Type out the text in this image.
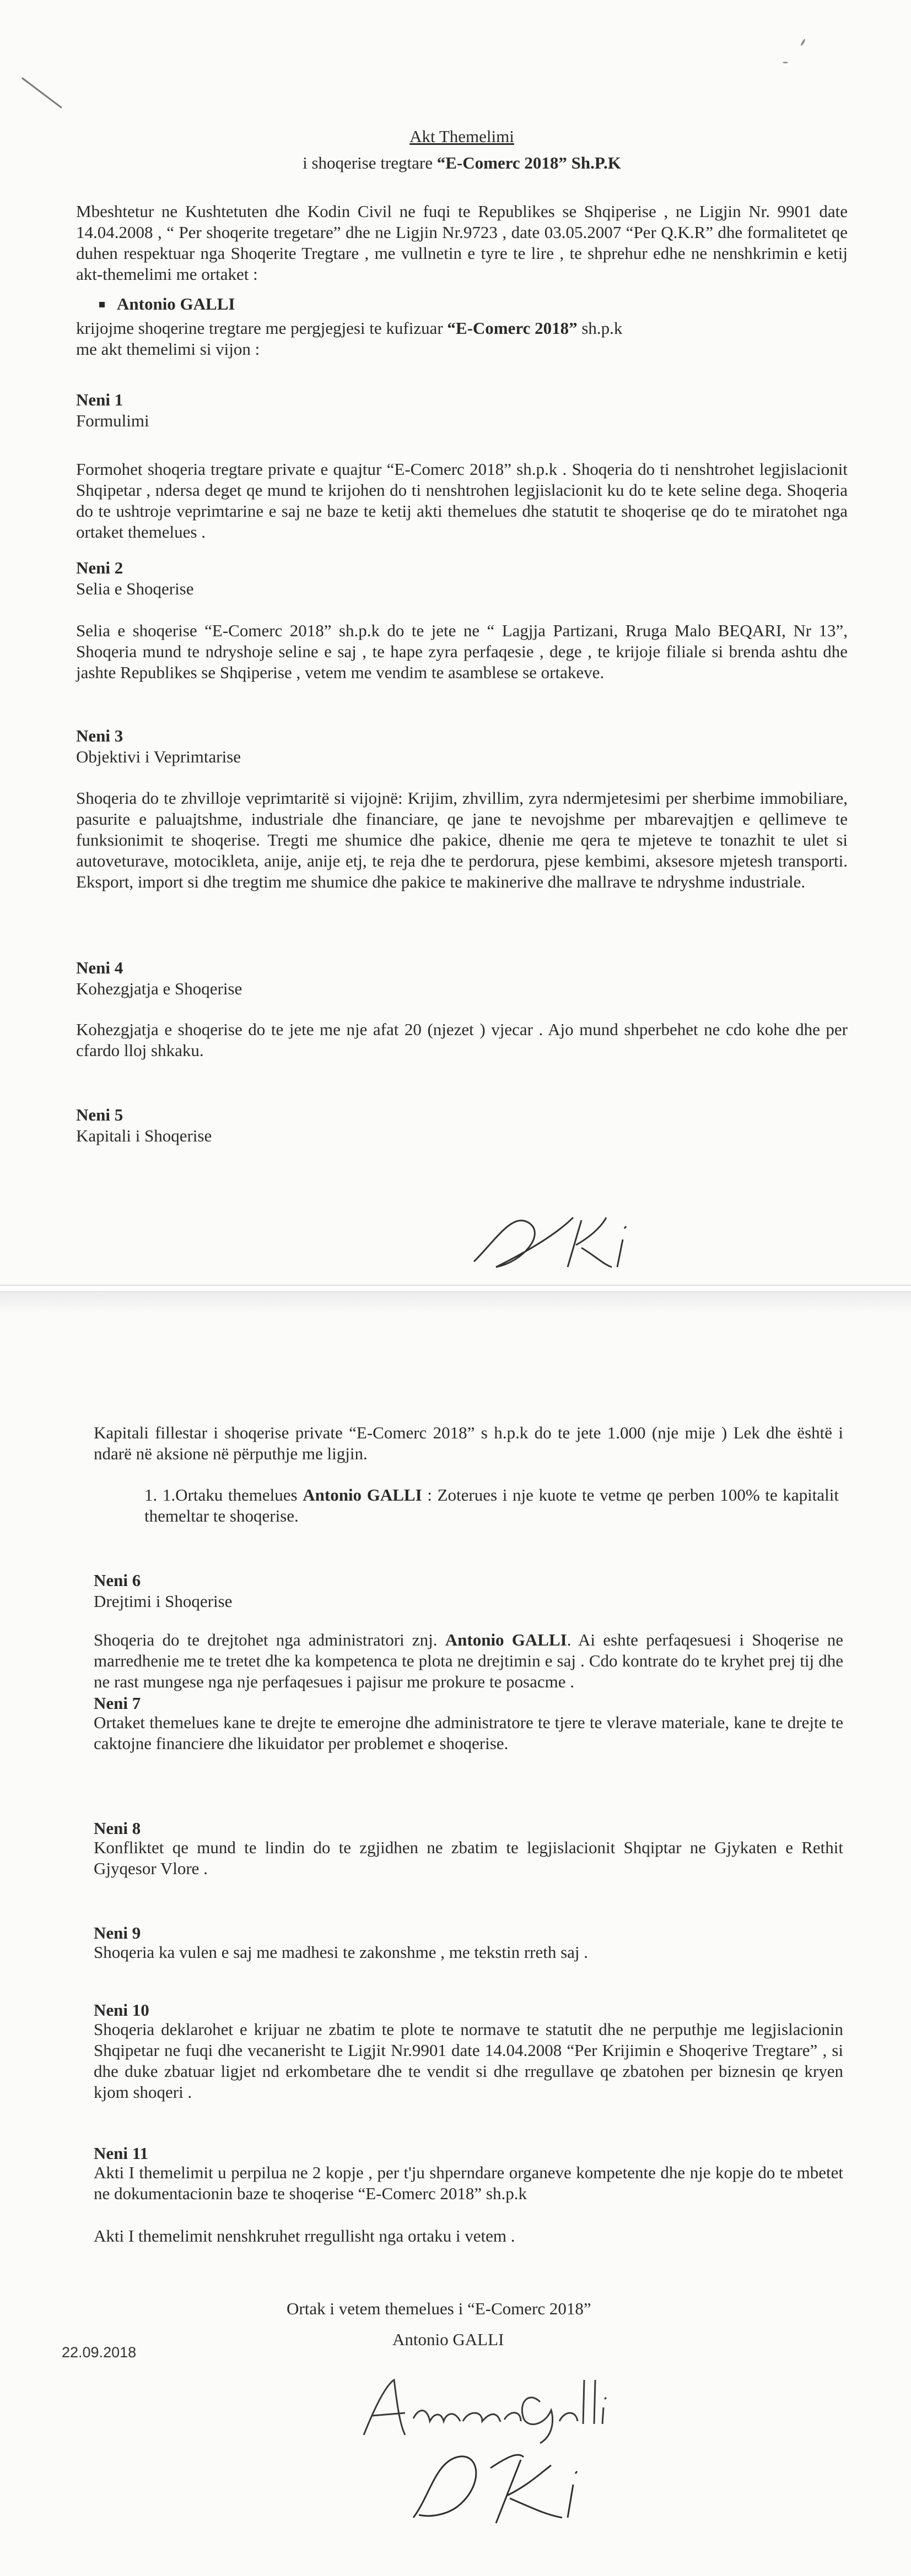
Akt Themelimi
i shoqerise tregtare “E-Comerc 2018” Sh.P.K
Mbeshtetur ne Kushtetuten dhe Kodin Civil ne fuqi te Republikes se Shqiperise , ne Ligjin Nr. 9901 date 14.04.2008 , “ Per shoqerite tregetare” dhe ne Ligjin Nr.9723 , date 03.05.2007 “Per Q.K.R” dhe formalitetet qe duhen respektuar nga Shoqerite Tregtare , me vullnetin e tyre te lire , te shprehur edhe ne nenshkrimin e ketij akt-themelimi me ortaket :
Antonio GALLI
krijojme shoqerine tregtare me pergjegjesi te kufizuar “E-Comerc 2018” sh.p.k
me akt themelimi si vijon :
Neni 1
Formulimi
Formohet shoqeria tregtare private e quajtur “E-Comerc 2018” sh.p.k . Shoqeria do ti nenshtrohet legjislacionit Shqipetar , ndersa deget qe mund te krijohen do ti nenshtrohen legjislacionit ku do te kete seline dega. Shoqeria do te ushtroje veprimtarine e saj ne baze te ketij akti themelues dhe statutit te shoqerise qe do te miratohet nga ortaket themelues .
Neni 2
Selia e Shoqerise
Selia e shoqerise “E-Comerc 2018” sh.p.k do te jete ne “ Lagjja Partizani, Rruga Malo BEQARI, Nr 13”, Shoqeria mund te ndryshoje seline e saj , te hape zyra perfaqesie , dege , te krijoje filiale si brenda ashtu dhe jashte Republikes se Shqiperise , vetem me vendim te asamblese se ortakeve.
Neni 3
Objektivi i Veprimtarise
Shoqeria do te zhvilloje veprimtaritë si vijojnë: Krijim, zhvillim, zyra ndermjetesimi per sherbime immobiliare, pasurite e paluajtshme, industriale dhe financiare, qe jane te nevojshme per mbarevajtjen e qellimeve te funksionimit te shoqerise. Tregti me shumice dhe pakice, dhenie me qera te mjeteve te tonazhit te ulet si autoveturave, motocikleta, anije, anije etj, te reja dhe te perdorura, pjese kembimi, aksesore mjetesh transporti. Eksport, import si dhe tregtim me shumice dhe pakice te makinerive dhe mallrave te ndryshme industriale.
Neni 4
Kohezgjatja e Shoqerise
Kohezgjatja e shoqerise do te jete me nje afat 20 (njezet ) vjecar . Ajo mund shperbehet ne cdo kohe dhe per cfardo lloj shkaku.
Neni 5
Kapitali i Shoqerise
Kapitali fillestar i shoqerise private “E-Comerc 2018” s h.p.k do te jete 1.000 (nje mije ) Lek dhe është i ndarë në aksione në përputhje me ligjin.
1. 1.Ortaku themelues Antonio GALLI : Zoterues i nje kuote te vetme qe perben 100% te kapitalit themeltar te shoqerise.
Neni 6
Drejtimi i Shoqerise
Shoqeria do te drejtohet nga administratori znj. Antonio GALLI. Ai eshte perfaqesuesi i Shoqerise ne marredhenie me te tretet dhe ka kompetenca te plota ne drejtimin e saj . Cdo kontrate do te kryhet prej tij dhe ne rast mungese nga nje perfaqesues i pajisur me prokure te posacme .
Neni 7
Ortaket themelues kane te drejte te emerojne dhe administratore te tjere te vlerave materiale, kane te drejte te caktojne financiere dhe likuidator per problemet e shoqerise.
Neni 8
Konfliktet qe mund te lindin do te zgjidhen ne zbatim te legjislacionit Shqiptar ne Gjykaten e Rethit Gjyqesor Vlore .
Neni 9
Shoqeria ka vulen e saj me madhesi te zakonshme , me tekstin rreth saj .
Neni 10
Shoqeria deklarohet e krijuar ne zbatim te plote te normave te statutit dhe ne perputhje me legjislacionin Shqipetar ne fuqi dhe vecanerisht te Ligjit Nr.9901 date 14.04.2008 “Per Krijimin e Shoqerive Tregtare” , si dhe duke zbatuar ligjet nd erkombetare dhe te vendit si dhe rregullave qe zbatohen per biznesin qe kryen kjom shoqeri .
Neni 11
Akti I themelimit u perpilua ne 2 kopje , per t'ju shperndare organeve kompetente dhe nje kopje do te mbetet ne dokumentacionin baze te shoqerise “E-Comerc 2018” sh.p.k
Akti I themelimit nenshkruhet rregullisht nga ortaku i vetem .
Ortak i vetem themelues i “E-Comerc 2018”
Antonio GALLI
22.09.2018
